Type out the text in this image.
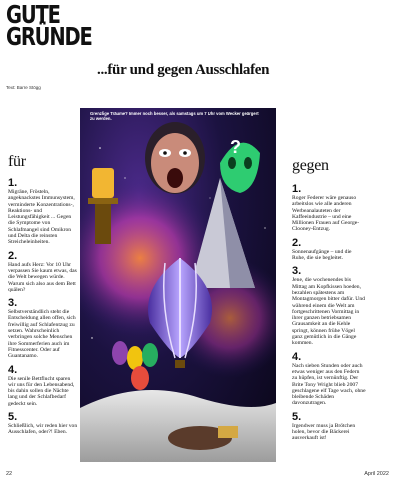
GUTE
GRÜNDE
Text: Barre Stögg
...für und gegen Ausschlafen
für
1.
Migräne, Frösteln, angeknackstes Immunsystem, verminderte Konzentrations-, Reaktions- und Leistungsfähigkeit ... Gegen die Symptome von Schlafmangel sind Omikron und Delta die reinsten Streicheleinheiten.
2.
Hand aufs Herz: Vor 10 Uhr verpassen Sie kaum etwas, das die Welt bewegen würde. Warum sich also aus dem Bett quälen?
3.
Selbstverständlich steht die Entscheidung allen offen, sich freiwillig auf Schlafentzug zu setzen. Wahrscheinlich verbringen solche Menschen ihre Sommerferien auch im Fitnesscenter. Oder auf Guantanamo.
4.
Die senile Bettflucht sparen wir uns für den Lebensabend, bis dahin sollen die Nächte lang und der Schlafbedarf gedeckt sein.
5.
Schließlich, wir reden hier von Ausschlafen, oder?! Eben.
?
Grenzlige Träume? Immer noch besser, als samstags um 7 Uhr vom Wecker geärgert zu werden.
gegen
1.
Roger Federer wäre genauso arbeitslos wie alle anderen Werbeanalauteten der Kaffeeindustrie – und eine Millionen Frauen auf George-Clooney-Entzug.
2.
Sonnenaufgänge – und die Ruhe, die sie begleitet.
3.
Jene, die wochenendes bis Mittag am Kopfkissen hoeden, bezahlen spätestens am Montagmorgen bitter dafür. Und während einem die Welt am fortgeschrittenen Vormittag in ihrer ganzen betriebsamen Grausamkeit an die Kehle springt, können frühe Vögel ganz gemütlich in die Gänge kommen.
4.
Nach sieben Stunden oder auch etwas weniger aus den Federn zu hüpfen, ist vernünftig. Der Brite Tony Wright blieb 2007 geschlagene elf Tage wach, ohne bleibende Schäden davonzutragen.
5.
Irgendwer muss ja Brötchen holen, bevor die Bäckerei ausverkauft ist!
22	April 2022
